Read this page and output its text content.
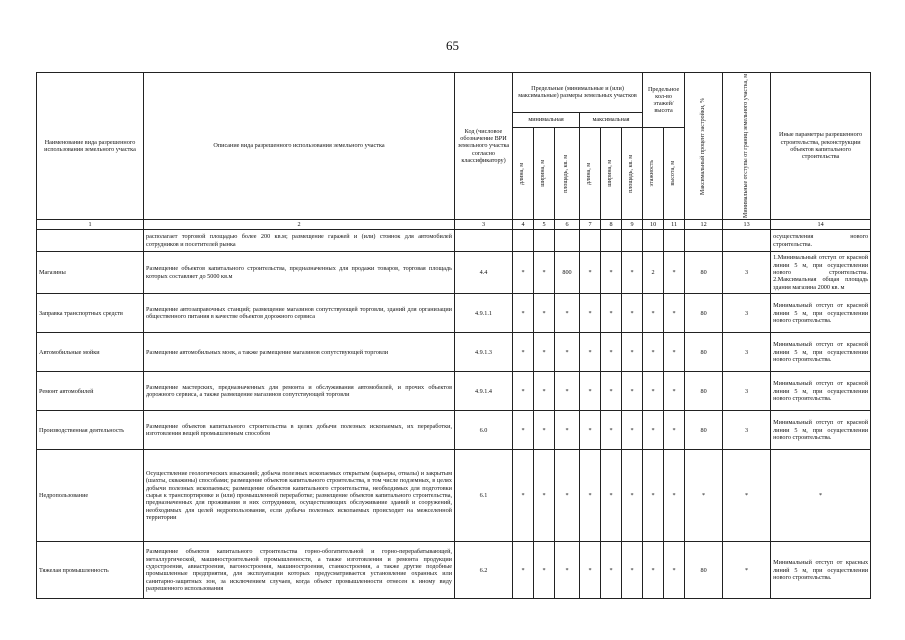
65
Наименование вида разрешенного использования земельного участка	Описание вида разрешенного использования земельного участка	Код (числовое обозначение ВРИ земельного участка согласно классификатору)	Предельные (минимальные и (или) максимальные) размеры земельных участков						Предельное кол-во этажей/высота		Максимальный процент застройки, %	Минимальные отступы от границ земельного участка, м	Иные параметры разрешенного строительства, реконструкции объектов капитального строительства
			минимальная			максимальная							

			длина, м	ширина, м	площадь, кв. м	длина, м	ширина, м	площадь, кв. м	этажность	высота, м			

1	2	3	4	5	6	7	8	9	10	11	12	13	14
	располагает торговой площадью более 200 кв.м; размещение гаражей и (или) стоянок для автомобилей сотрудников и посетителей рынка												осуществления нового строительства.
Магазины	Размещение объектов капитального строительства, предназначенных для продажи товаров, торговая площадь которых составляет до 5000 кв.м	4.4	*	*	800	*	*	*	2	*	80	3	1.Минимальный отступ от красной линии 5 м, при осуществлении нового строительства. 2.Максимальная общая площадь здания магазина 2000 кв. м
Заправка транспортных средств	Размещение автозаправочных станций; размещение магазинов сопутствующей торговли, зданий для организации общественного питания в качестве объектов дорожного сервиса	4.9.1.1	*	*	*	*	*	*	*	*	80	3	Минимальный отступ от красной линии 5 м, при осуществлении нового строительства.
Автомобильные мойки	Размещение автомобильных моек, а также размещение магазинов сопутствующей торговли	4.9.1.3	*	*	*	*	*	*	*	*	80	3	Минимальный отступ от красной линии 5 м, при осуществлении нового строительства.
Ремонт автомобилей	Размещение мастерских, предназначенных для ремонта и обслуживания автомобилей, и прочих объектов дорожного сервиса, а также размещение магазинов сопутствующей торговли	4.9.1.4	*	*	*	*	*	*	*	*	80	3	Минимальный отступ от красной линии 5 м, при осуществлении нового строительства.
Производственная деятельность	Размещение объектов капитального строительства в целях добычи полезных ископаемых, их переработки, изготовления вещей промышленным способом	6.0	*	*	*	*	*	*	*	*	80	3	Минимальный отступ от красной линии 5 м, при осуществлении нового строительства.
Недропользование	Осуществление геологических изысканий; добыча полезных ископаемых открытым (карьеры, отвалы) и закрытым (шахты, скважины) способами; размещение объектов капитального строительства, в том числе подземных, в целях добычи полезных ископаемых; размещение объектов капитального строительства, необходимых для подготовки сырья к транспортировке и (или) промышленной переработке; размещение объектов капитального строительства, предназначенных для проживания в них сотрудников, осуществляющих обслуживание зданий и сооружений, необходимых для целей недропользования, если добыча полезных ископаемых происходит на межселенной территории	6.1	*	*	*	*	*	*	*	*	*	*	*
Тяжелая промышленность	Размещение объектов капитального строительства горно-обогатительной и горно-перерабатывающей, металлургической, машиностроительной промышленности, а также изготовления и ремонта продукции судостроения, авиастроения, вагоностроения, машиностроения, станкостроения, а также другие подобные промышленные предприятия, для эксплуатации которых предусматривается установление охранных или санитарно-защитных зон, за исключением случаев, когда объект промышленности отнесен к иному виду разрешенного использования	6.2	*	*	*	*	*	*	*	*	80	*	Минимальный отступ от красных линий 5 м, при осуществлении нового строительства.
